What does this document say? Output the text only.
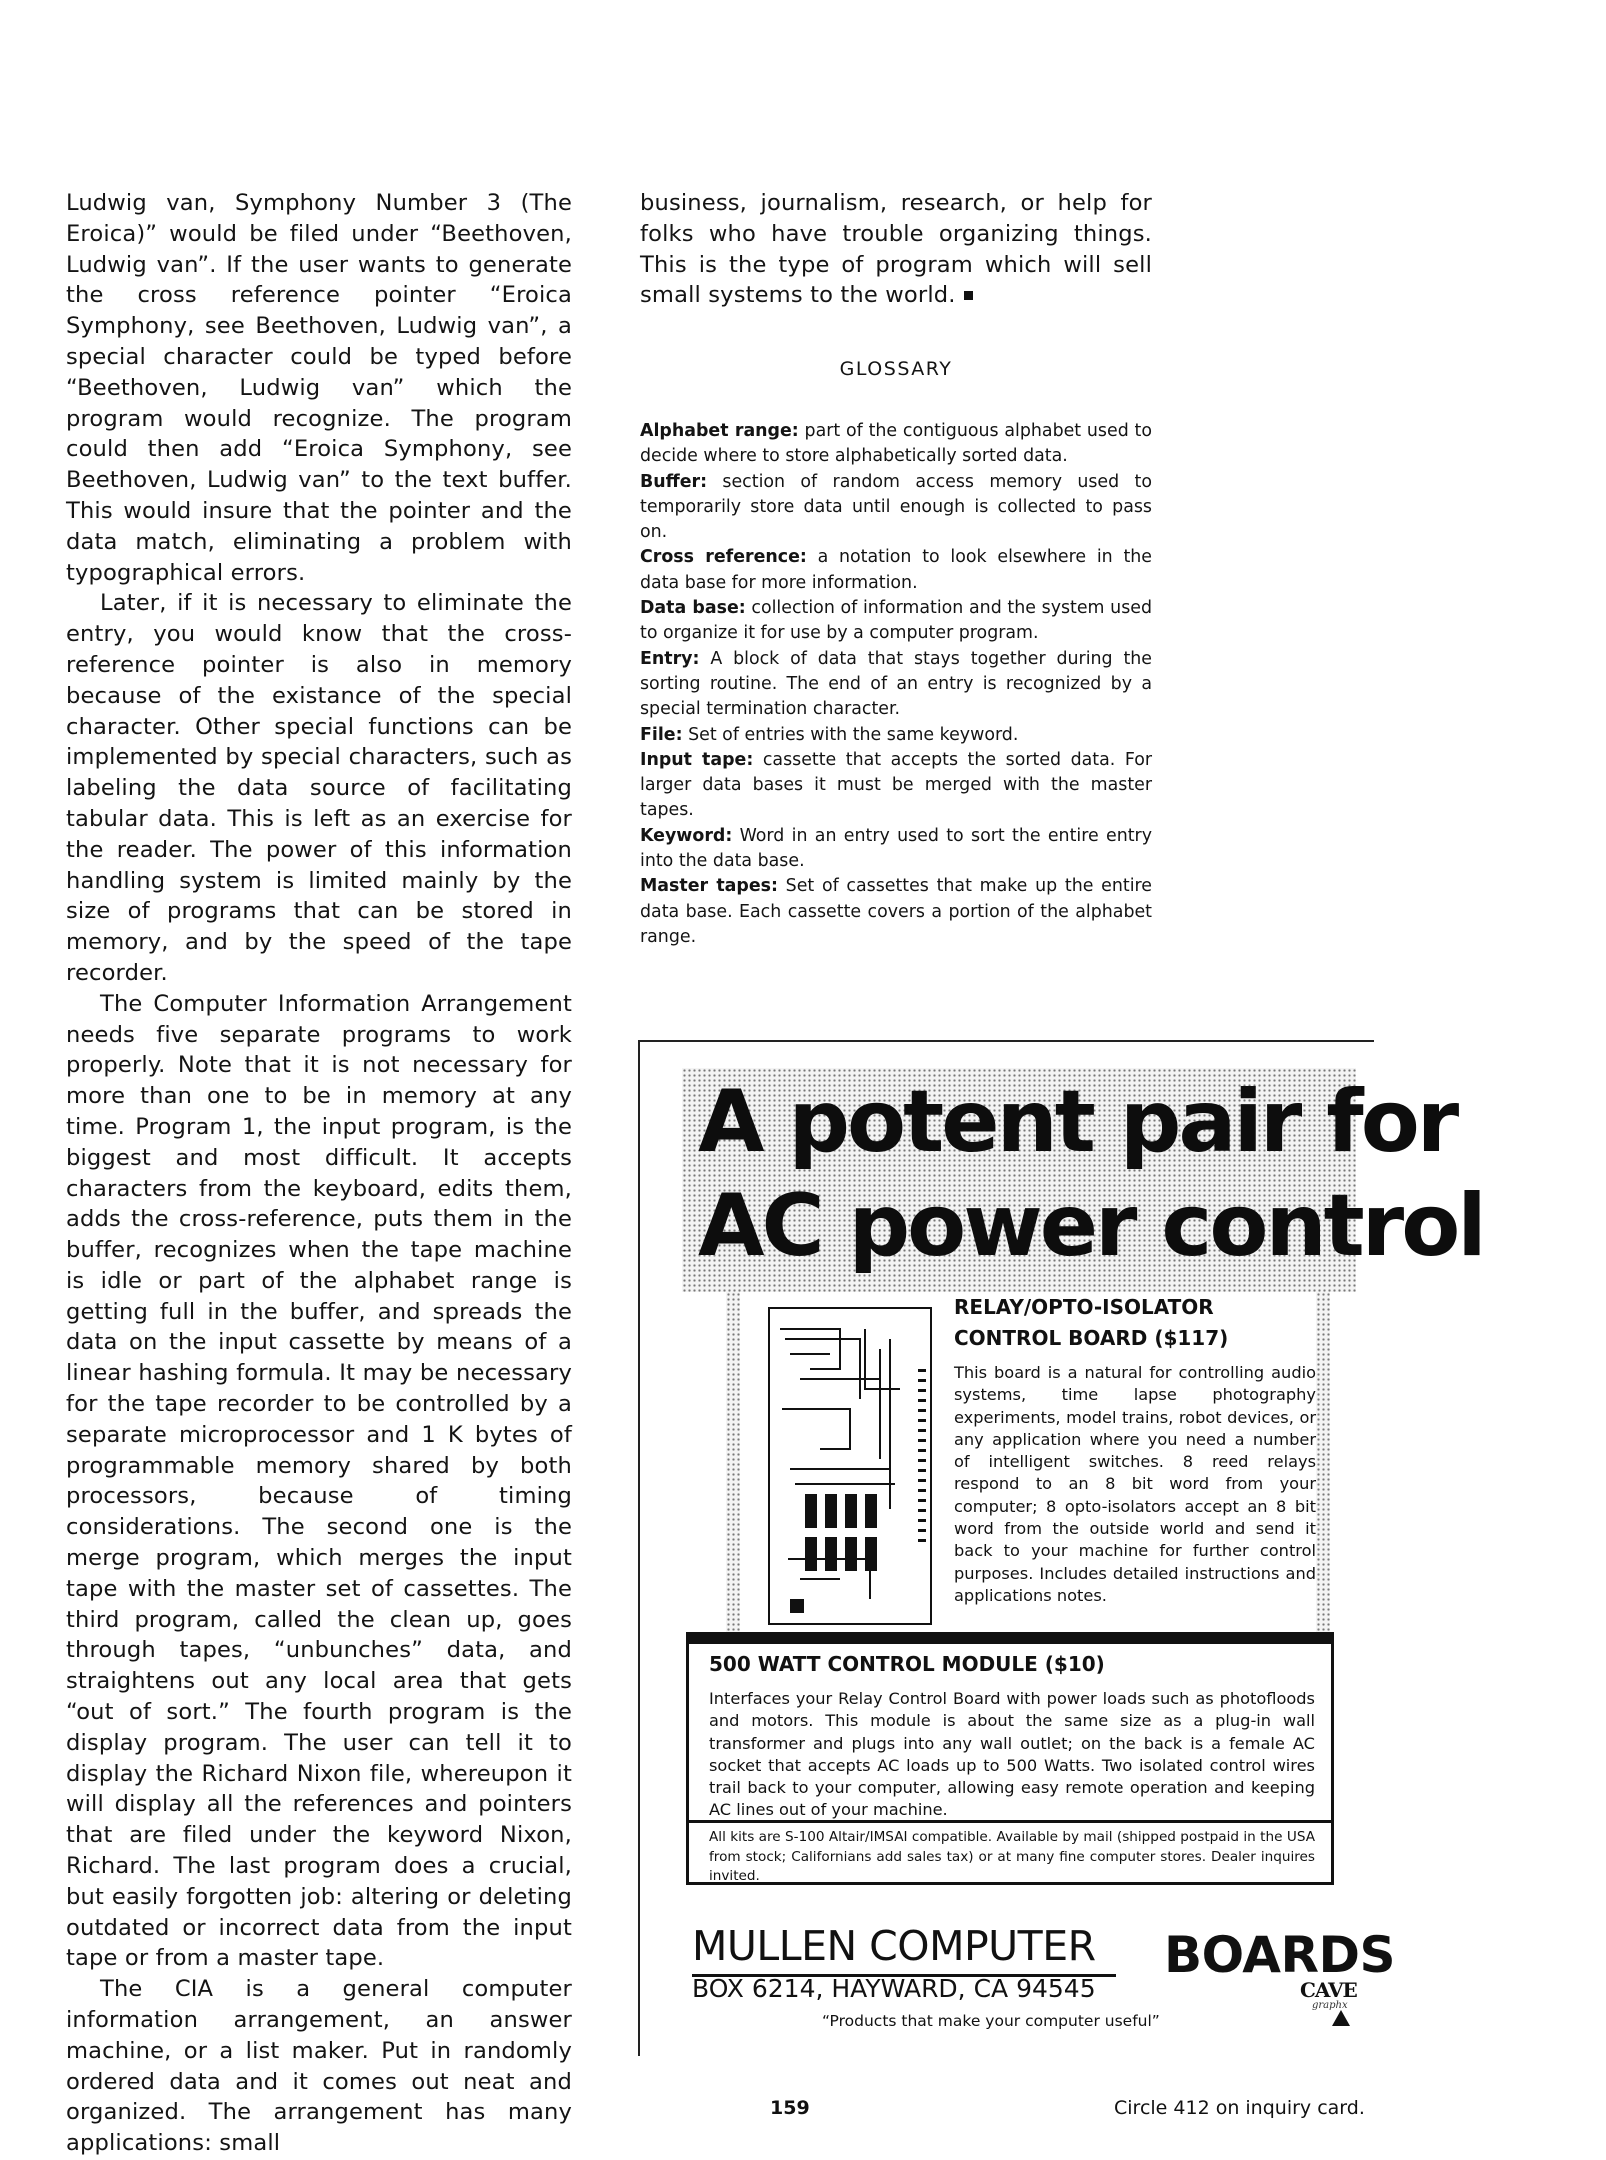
Ludwig van, Symphony Number 3 (The Eroica)” would be filed under “Beethoven, Ludwig van”. If the user wants to generate the cross reference pointer “Eroica Symphony, see Beethoven, Ludwig van”, a special character could be typed before “Beethoven, Ludwig van” which the program would recognize. The program could then add “Eroica Symphony, see Beethoven, Ludwig van” to the text buffer. This would insure that the pointer and the data match, eliminating a problem with typographical errors.

Later, if it is necessary to eliminate the entry, you would know that the cross-reference pointer is also in memory because of the existance of the special character. Other special functions can be implemented by special characters, such as labeling the data source of facilitating tabular data. This is left as an exercise for the reader. The power of this information handling system is limited mainly by the size of programs that can be stored in memory, and by the speed of the tape recorder.

The Computer Information Arrangement needs five separate programs to work properly. Note that it is not necessary for more than one to be in memory at any time. Program 1, the input program, is the biggest and most difficult. It accepts characters from the keyboard, edits them, adds the cross-reference, puts them in the buffer, recognizes when the tape machine is idle or part of the alphabet range is getting full in the buffer, and spreads the data on the input cassette by means of a linear hashing formula. It may be necessary for the tape recorder to be controlled by a separate microprocessor and 1 K bytes of programmable memory shared by both processors, because of timing considerations. The second one is the merge program, which merges the input tape with the master set of cassettes. The third program, called the clean up, goes through tapes, “unbunches” data, and straightens out any local area that gets “out of sort.” The fourth program is the display program. The user can tell it to display the Richard Nixon file, whereupon it will display all the references and pointers that are filed under the keyword Nixon, Richard. The last program does a crucial, but easily forgotten job: altering or deleting outdated or incorrect data from the input tape or from a master tape.

The CIA is a general computer information arrangement, an answer machine, or a list maker. Put in randomly ordered data and it comes out neat and organized. The arrangement has many applications: small

business, journalism, research, or help for folks who have trouble organizing things. This is the type of program which will sell small systems to the world.

GLOSSARY

Alphabet range: part of the contiguous alphabet used to decide where to store alphabetically sorted data.

Buffer: section of random access memory used to temporarily store data until enough is collected to pass on.

Cross reference: a notation to look elsewhere in the data base for more information.

Data base: collection of information and the system used to organize it for use by a computer program.

Entry: A block of data that stays together during the sorting routine. The end of an entry is recognized by a special termination character.

File: Set of entries with the same keyword.

Input tape: cassette that accepts the sorted data. For larger data bases it must be merged with the master tapes.

Keyword: Word in an entry used to sort the entire entry into the data base.

Master tapes: Set of cassettes that make up the entire data base. Each cassette covers a portion of the alphabet range.

A potent pair for
AC power control
RELAY/OPTO-ISOLATOR
CONTROL BOARD ($117)
This board is a natural for controlling audio systems, time lapse photography experiments, model trains, robot devices, or any application where you need a number of intelligent switches. 8 reed relays respond to an 8 bit word from your computer; 8 opto-isolators accept an 8 bit word from the outside world and send it back to your machine for further control purposes. Includes detailed instructions and applications notes.
500 WATT CONTROL MODULE ($10)
Interfaces your Relay Control Board with power loads such as photofloods and motors. This module is about the same size as a plug-in wall transformer and plugs into any wall outlet; on the back is a female AC socket that accepts AC loads up to 500 Watts. Two isolated control wires trail back to your computer, allowing easy remote operation and keeping AC lines out of your machine.
All kits are S-100 Altair/IMSAI compatible. Available by mail (shipped postpaid in the USA from stock; Californians add sales tax) or at many fine computer stores. Dealer inquires invited.
MULLEN COMPUTER BOARDS
BOX 6214, HAYWARD, CA 94545
“Products that make your computer useful”
CAVE
graphx
159	Circle 412 on inquiry card.
